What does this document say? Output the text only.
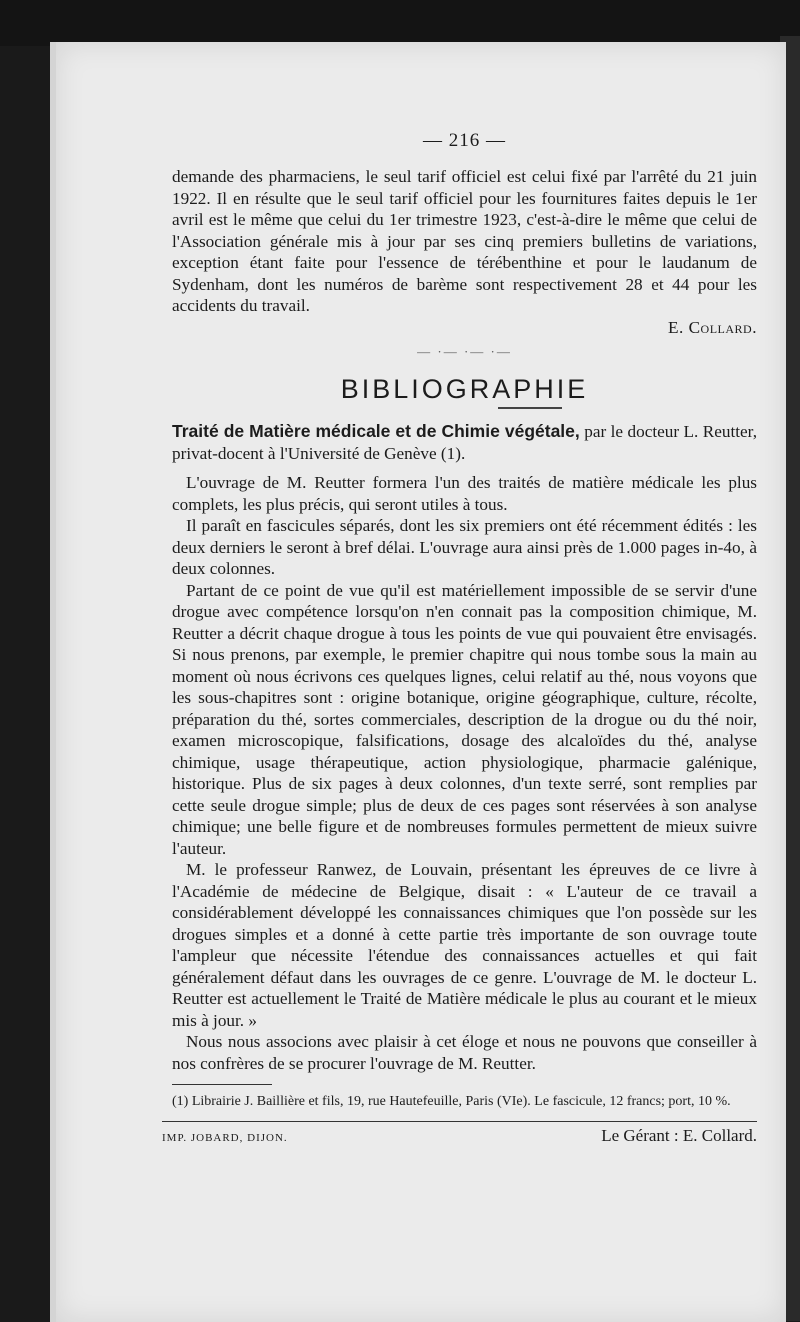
— 216 —

demande des pharmaciens, le seul tarif officiel est celui fixé par l'arrêté du 21 juin 1922. Il en résulte que le seul tarif officiel pour les fournitures faites depuis le 1er avril est le même que celui du 1er trimestre 1923, c'est-à-dire le même que celui de l'Association générale mis à jour par ses cinq premiers bulletins de variations, exception étant faite pour l'essence de térébenthine et pour le laudanum de Sydenham, dont les numéros de barème sont respectivement 28 et 44 pour les accidents du travail.
E. Collard.

— ·— ·— ·—
BIBLIOGRAPHIE

Traité de Matière médicale et de Chimie végétale, par le docteur L. Reutter, privat-docent à l'Université de Genève (1).

L'ouvrage de M. Reutter formera l'un des traités de matière médicale les plus complets, les plus précis, qui seront utiles à tous.

Il paraît en fascicules séparés, dont les six premiers ont été récemment édités : les deux derniers le seront à bref délai. L'ouvrage aura ainsi près de 1.000 pages in-4o, à deux colonnes.

Partant de ce point de vue qu'il est matériellement impossible de se servir d'une drogue avec compétence lorsqu'on n'en connait pas la composition chimique, M. Reutter a décrit chaque drogue à tous les points de vue qui pouvaient être envisagés. Si nous prenons, par exemple, le premier chapitre qui nous tombe sous la main au moment où nous écrivons ces quelques lignes, celui relatif au thé, nous voyons que les sous-chapitres sont : origine botanique, origine géographique, culture, récolte, préparation du thé, sortes commerciales, description de la drogue ou du thé noir, examen microscopique, falsifications, dosage des alcaloïdes du thé, analyse chimique, usage thérapeutique, action physiologique, pharmacie galénique, historique. Plus de six pages à deux colonnes, d'un texte serré, sont remplies par cette seule drogue simple; plus de deux de ces pages sont réservées à son analyse chimique; une belle figure et de nombreuses formules permettent de mieux suivre l'auteur.

M. le professeur Ranwez, de Louvain, présentant les épreuves de ce livre à l'Académie de médecine de Belgique, disait : « L'auteur de ce travail a considérablement développé les connaissances chimiques que l'on possède sur les drogues simples et a donné à cette partie très importante de son ouvrage toute l'ampleur que nécessite l'étendue des connaissances actuelles et qui fait généralement défaut dans les ouvrages de ce genre. L'ouvrage de M. le docteur L. Reutter est actuellement le Traité de Matière médicale le plus au courant et le mieux mis à jour. »

Nous nous associons avec plaisir à cet éloge et nous ne pouvons que conseiller à nos confrères de se procurer l'ouvrage de M. Reutter.

(1) Librairie J. Baillière et fils, 19, rue Hautefeuille, Paris (VIe). Le fascicule, 12 francs; port, 10 %.

IMP. JOBARD, DIJON.	Le Gérant : E. Collard.
